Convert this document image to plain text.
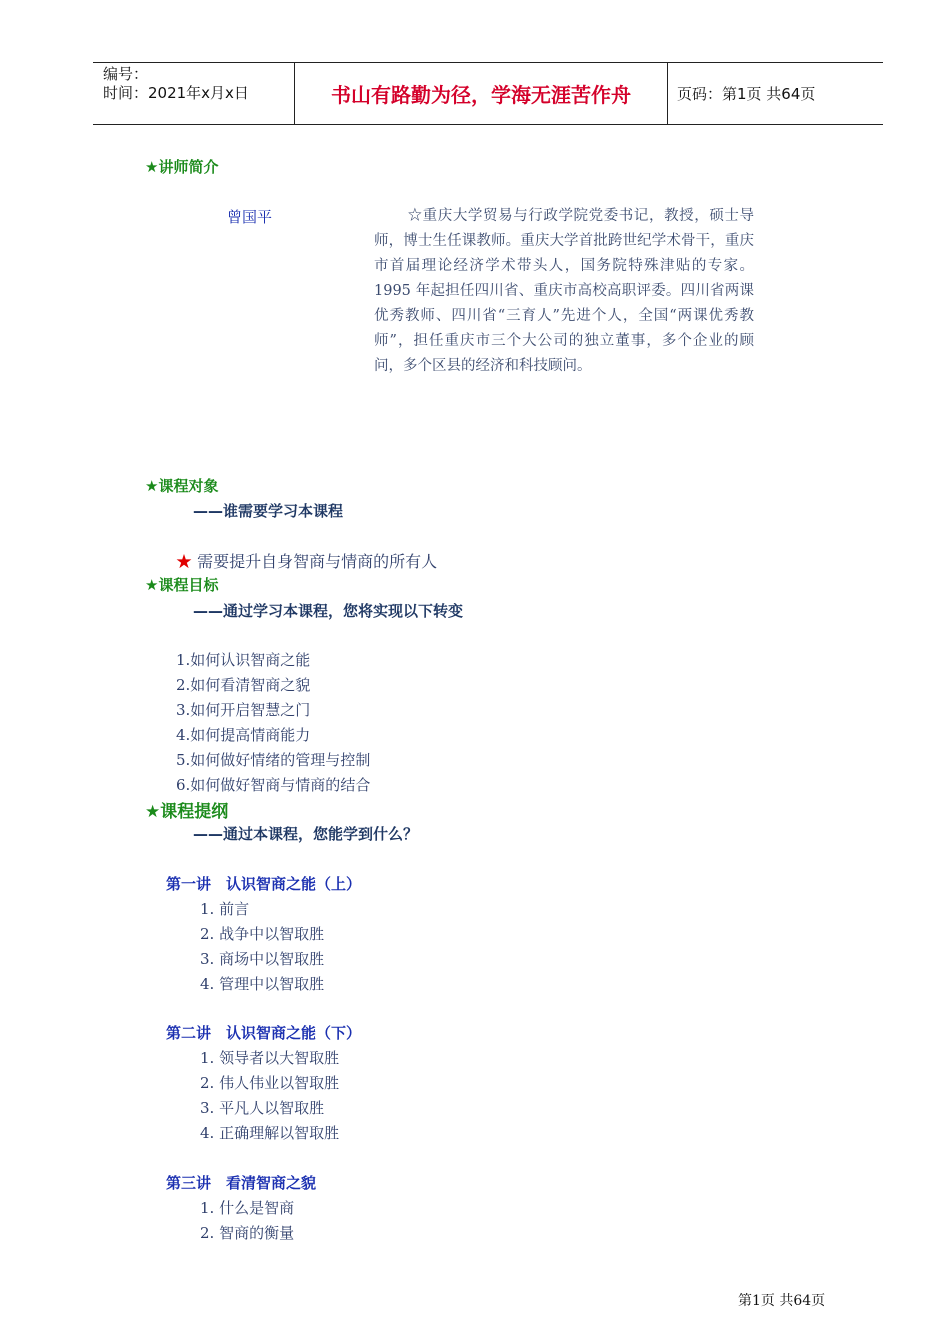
编号：
时间：2021年x月x日	书山有路勤为径，学海无涯苦作舟	页码：第1页 共64页
★讲师简介
曾国平	☆重庆大学贸易与行政学院党委书记，教授，硕士导师，博士生任课教师。重庆大学首批跨世纪学术骨干，重庆市首届理论经济学术带头人，国务院特殊津贴的专家。 1995 年起担任四川省、重庆市高校高职评委。四川省两课优秀教师、四川省“三育人”先进个人，全国“两课优秀教师”，担任重庆市三个大公司的独立董事，多个企业的顾问，多个区县的经济和科技顾问。
★课程对象
——谁需要学习本课程
★ 需要提升自身智商与情商的所有人
★课程目标
——通过学习本课程，您将实现以下转变
1.如何认识智商之能
2.如何看清智商之貌
3.如何开启智慧之门
4.如何提高情商能力
5.如何做好情绪的管理与控制
6.如何做好智商与情商的结合
★课程提纲
——通过本课程，您能学到什么？
第一讲　认识智商之能（上）
1. 前言
2. 战争中以智取胜
3. 商场中以智取胜
4. 管理中以智取胜
第二讲　认识智商之能（下）
1. 领导者以大智取胜
2. 伟人伟业以智取胜
3. 平凡人以智取胜
4. 正确理解以智取胜
第三讲　看清智商之貌
1. 什么是智商
2. 智商的衡量
第1页 共64页
